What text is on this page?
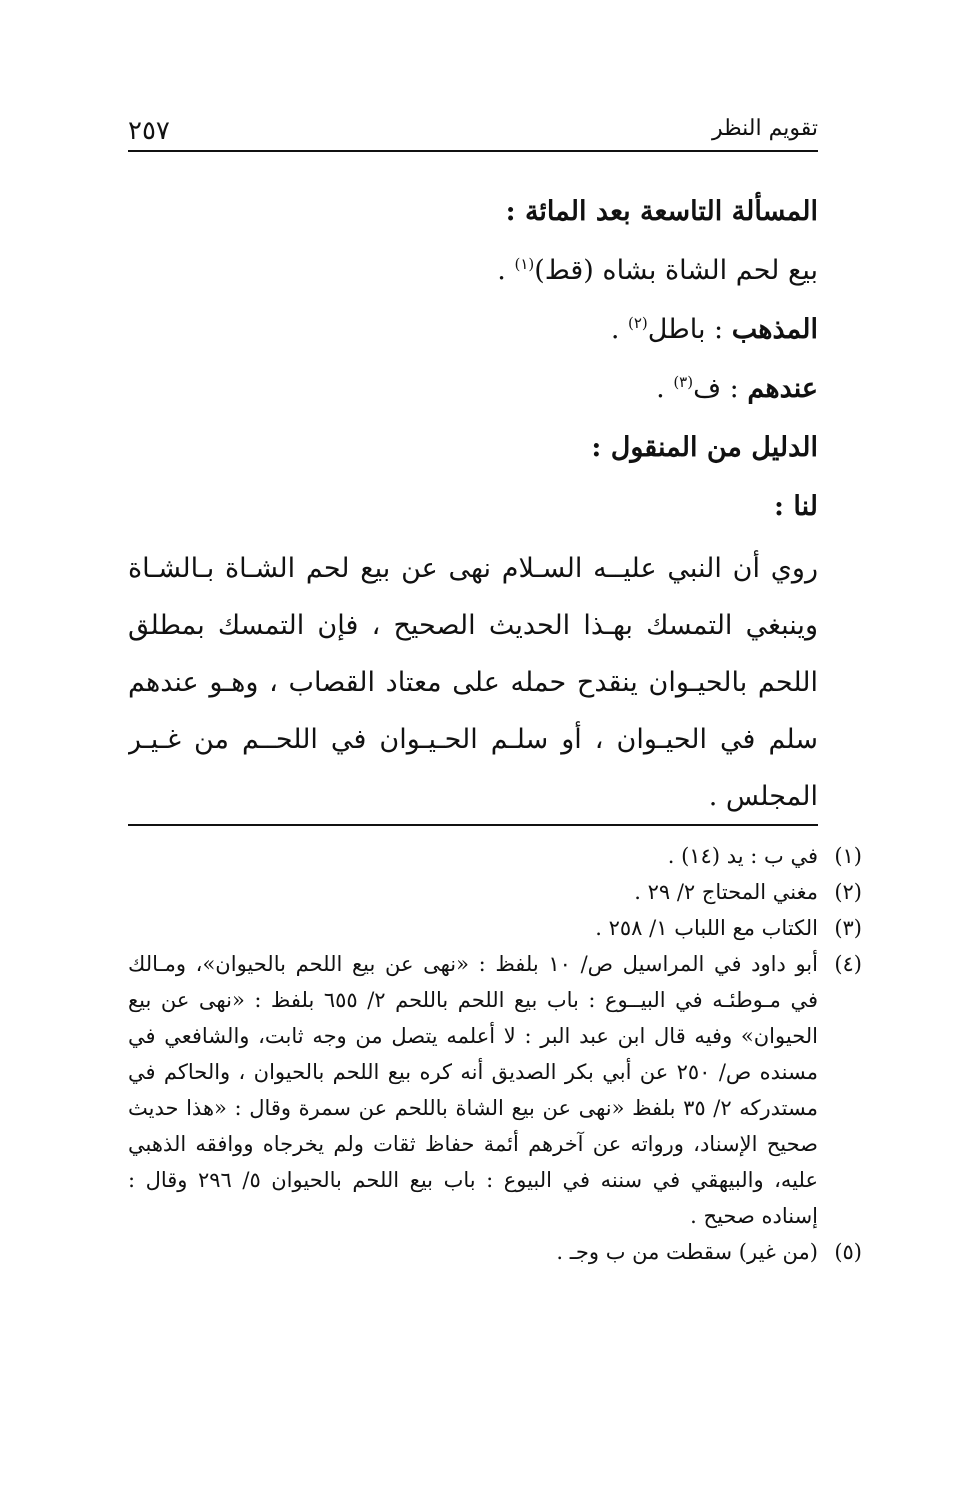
تقويم النظر
٢٥٧
المسألة التاسعة بعد المائة :
بيع لحم الشاة بشاه (قط)$^{(١)}$ .
المذهب : باطل$^{(٢)}$ .
عندهم : ف$^{(٣)}$ .
الدليل من المنقول :
لنا :
روي أن النبي عليــه السـلام نهى عن بيع لحم الشـاة بـالشـاة
وينبغي التمسك بهـذا الحديث الصحيح ، فإن التمسك بمطلق
اللحم بالحيـوان ينقدح حمله على معتاد القصاب ، وهـو عندهم
سلم في الحيـوان ، أو سلـم الحـيـوان في اللحــم من غـيـر
المجلس .
(١)
في ب : يد (١٤) .
(٢)
مغني المحتاج ٢/ ٢٩ .
(٣)
الكتاب مع اللباب ١/ ٢٥٨ .
(٤)
أبو داود في المراسيل ص/ ١٠ بلفظ : «نهى عن بيع اللحم بالحيوان»، ومـالك
في مـوطئـه في البيــوع : باب بيع اللحم باللحم ٢/ ٦٥٥ بلفظ : «نهى عن بيع
الحيوان» وفيه قال ابن عبد البر : لا أعلمه يتصل من وجه ثابت، والشافعي في
مسنده ص/ ٢٥٠ عن أبي بكر الصديق أنه كره بيع اللحم بالحيوان ، والحاكم في
مستدركه ٢/ ٣٥ بلفظ «نهى عن بيع الشاة باللحم عن سمرة وقال : «هذا حديث
صحيح الإسناد، ورواته عن آخرهم أئمة حفاظ ثقات ولم يخرجاه ووافقه الذهبي
عليه، والبيهقي في سننه في البيوع : باب بيع اللحم بالحيوان ٥/ ٢٩٦ وقال :
إسناده صحيح .
(٥)
(من غير) سقطت من ب وجـ .
